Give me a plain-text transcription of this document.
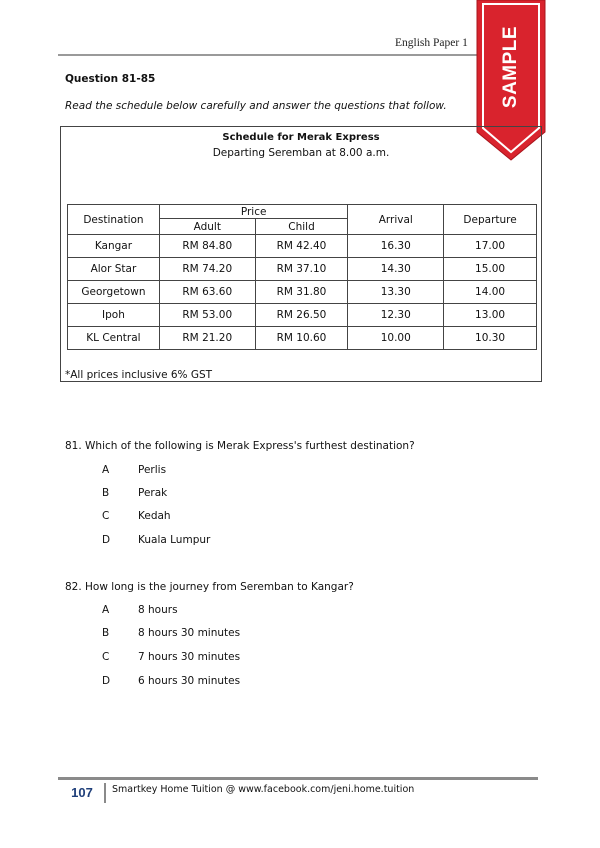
English Paper 1 SAMPLE
Question 81-85
Read the schedule below carefully and answer the questions that follow.
Schedule for Merak Express
Departing Seremban at 8.00 a.m.
Destination	Price		Arrival	Departure
	Adult	Child		
Kangar	RM 84.80	RM 42.40	16.30	17.00
Alor Star	RM 74.20	RM 37.10	14.30	15.00
Georgetown	RM 63.60	RM 31.80	13.30	14.00
Ipoh	RM 53.00	RM 26.50	12.30	13.00
KL Central	RM 21.20	RM 10.60	10.00	10.30
*All prices inclusive 6% GST
81. Which of the following is Merak Express's furthest destination?
A	Perlis
B	Perak
C	Kedah
D	Kuala Lumpur
82. How long is the journey from Seremban to Kangar?
A	8 hours
B	8 hours 30 minutes
C	7 hours 30 minutes
D	6 hours 30 minutes
107	Smartkey Home Tuition @ www.facebook.com/jeni.home.tuition
